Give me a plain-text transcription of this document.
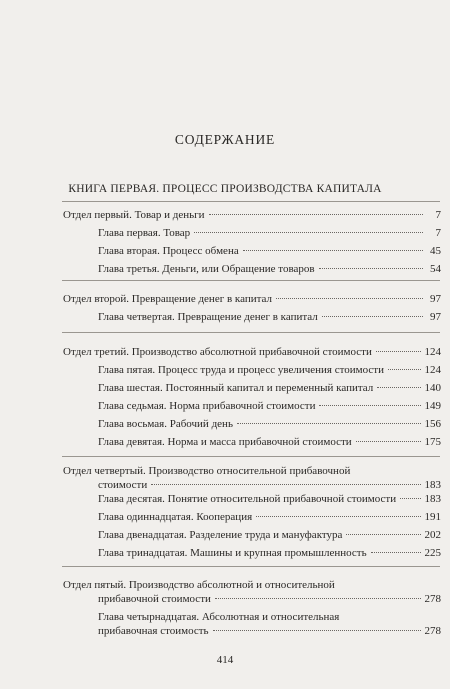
СОДЕРЖАНИЕ
КНИГА ПЕРВАЯ. ПРОЦЕСС ПРОИЗВОДСТВА КАПИТАЛА
Отдел первый. Товар и деньги	7
Глава первая. Товар	7
Глава вторая. Процесс обмена	45
Глава третья. Деньги, или Обращение товаров	54
Отдел второй. Превращение денег в капитал	97
Глава четвертая. Превращение денег в капитал	97
Отдел третий. Производство абсолютной прибавочной стоимости	124
Глава пятая. Процесс труда и процесс увеличения стоимости	124
Глава шестая. Постоянный капитал и переменный капитал	140
Глава седьмая. Норма прибавочной стоимости	149
Глава восьмая. Рабочий день	156
Глава девятая. Норма и масса прибавочной стоимости	175
Отдел четвертый. Производство относительной прибавочной
стоимости	183
Глава десятая. Понятие относительной прибавочной стоимости	183
Глава одиннадцатая. Кооперация	191
Глава двенадцатая. Разделение труда и мануфактура	202
Глава тринадцатая. Машины и крупная промышленность	225
Отдел пятый. Производство абсолютной и относительной
прибавочной стоимости	278
Глава четырнадцатая. Абсолютная и относительная
прибавочная стоимость	278
414
